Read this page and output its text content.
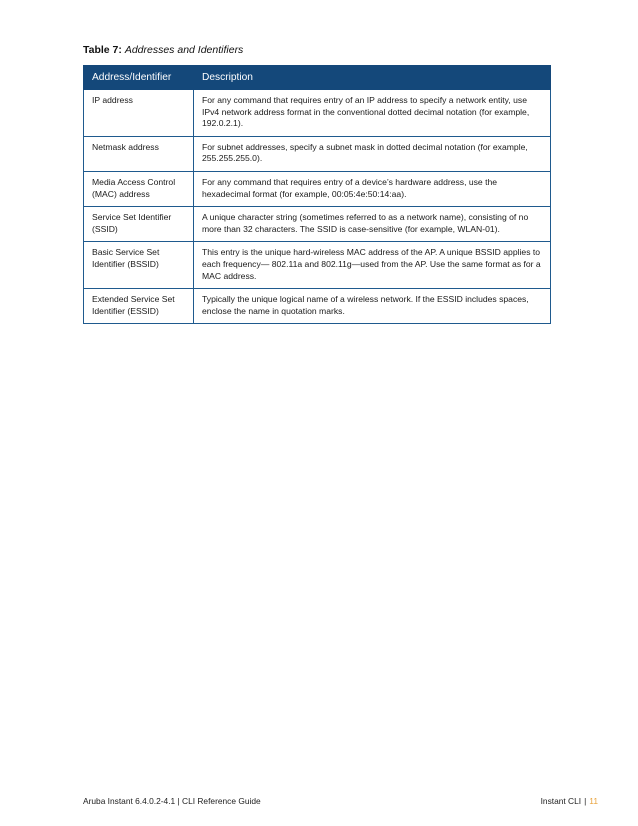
Table 7: Addresses and Identifiers
Address/Identifier	Description
IP address	For any command that requires entry of an IP address to specify a network entity, use IPv4 network address format in the conventional dotted decimal notation (for example, 192.0.2.1).
Netmask address	For subnet addresses, specify a subnet mask in dotted decimal notation (for example, 255.255.255.0).
Media Access Control (MAC) address	For any command that requires entry of a device’s hardware address, use the hexadecimal format (for example, 00:05:4e:50:14:aa).
Service Set Identifier (SSID)	A unique character string (sometimes referred to as a network name), consisting of no more than 32 characters. The SSID is case-sensitive (for example, WLAN-01).
Basic Service Set Identifier (BSSID)	This entry is the unique hard-wireless MAC address of the AP. A unique BSSID applies to each frequency— 802.11a and 802.11g—used from the AP. Use the same format as for a MAC address.
Extended Service Set Identifier (ESSID)	Typically the unique logical name of a wireless network. If the ESSID includes spaces, enclose the name in quotation marks.
Aruba Instant 6.4.0.2-4.1 | CLI Reference Guide	Instant CLI | 11
